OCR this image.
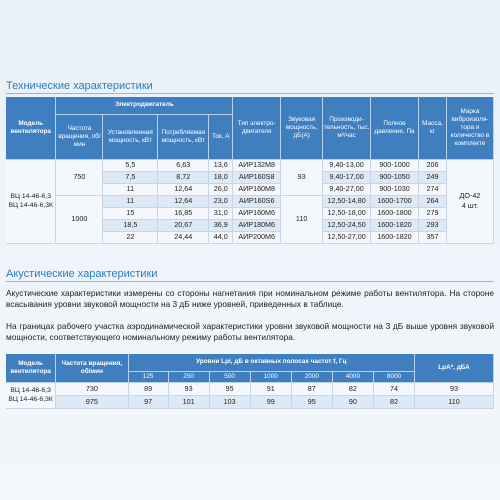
Технические характеристики
Модель вентилятора	Электродвигатель				Тип электродвигателя	Звуковая мощность, дБ(А)	Производительность, тыс. м³/час	Полное давление, Па	Масса, кг	Марка виброизолятора и количество в комплекте
	Частота вращения, об/мин	Установленная мощность, кВт	Потребляемая мощность, кВт	Ток, А						
ВЦ 14-46-6,3
ВЦ 14-46-6,3К	750	5,5	6,63	13,6	АИР132М8	93	9,40-13,00	900-1000	206	ДО-42
4 шт.
		7,5	8,72	18,0	АИР160S8		9,40-17,00	900-1050	249	
		11	12,64	26,0	АИР160М8		9,40-27,00	900-1030	274	
	1000	11	12,64	23,0	АИР160S6	110	12,50-14,80	1600-1700	264	
		15	16,85	31,0	АИР160М6		12,50-18,00	1600-1800	279	
		18,5	20,67	36,9	АИР180М6		12,50-24,50	1600-1820	293	
		22	24,44	44,0	АИР200М6		12,50-27,00	1600-1820	357	
Акустические характеристики

Акустические характеристики измерены со стороны нагнетания при номинальном режиме работы вентилятора. На стороне всасывания уровни звуковой мощности на 3 дБ ниже уровней, приведенных в таблице.

На границах рабочего участка аэродинамической характеристики уровни звуковой мощности на 3 дБ выше уровня звуковой мощности, соответствующего номинальному режиму работы вентилятора.

Модель вентилятора	Частота вращения, об/мин	Уровни Lpi, дБ в октавных полосах частот f, Гц							LpA*, дБА
		125	250	500	1000	2000	4000	8000	
ВЦ 14-46-6,3
ВЦ 14-46-6,3К	730	89	93	95	91	87	82	74	93
	975	97	101	103	99	95	90	82	110
